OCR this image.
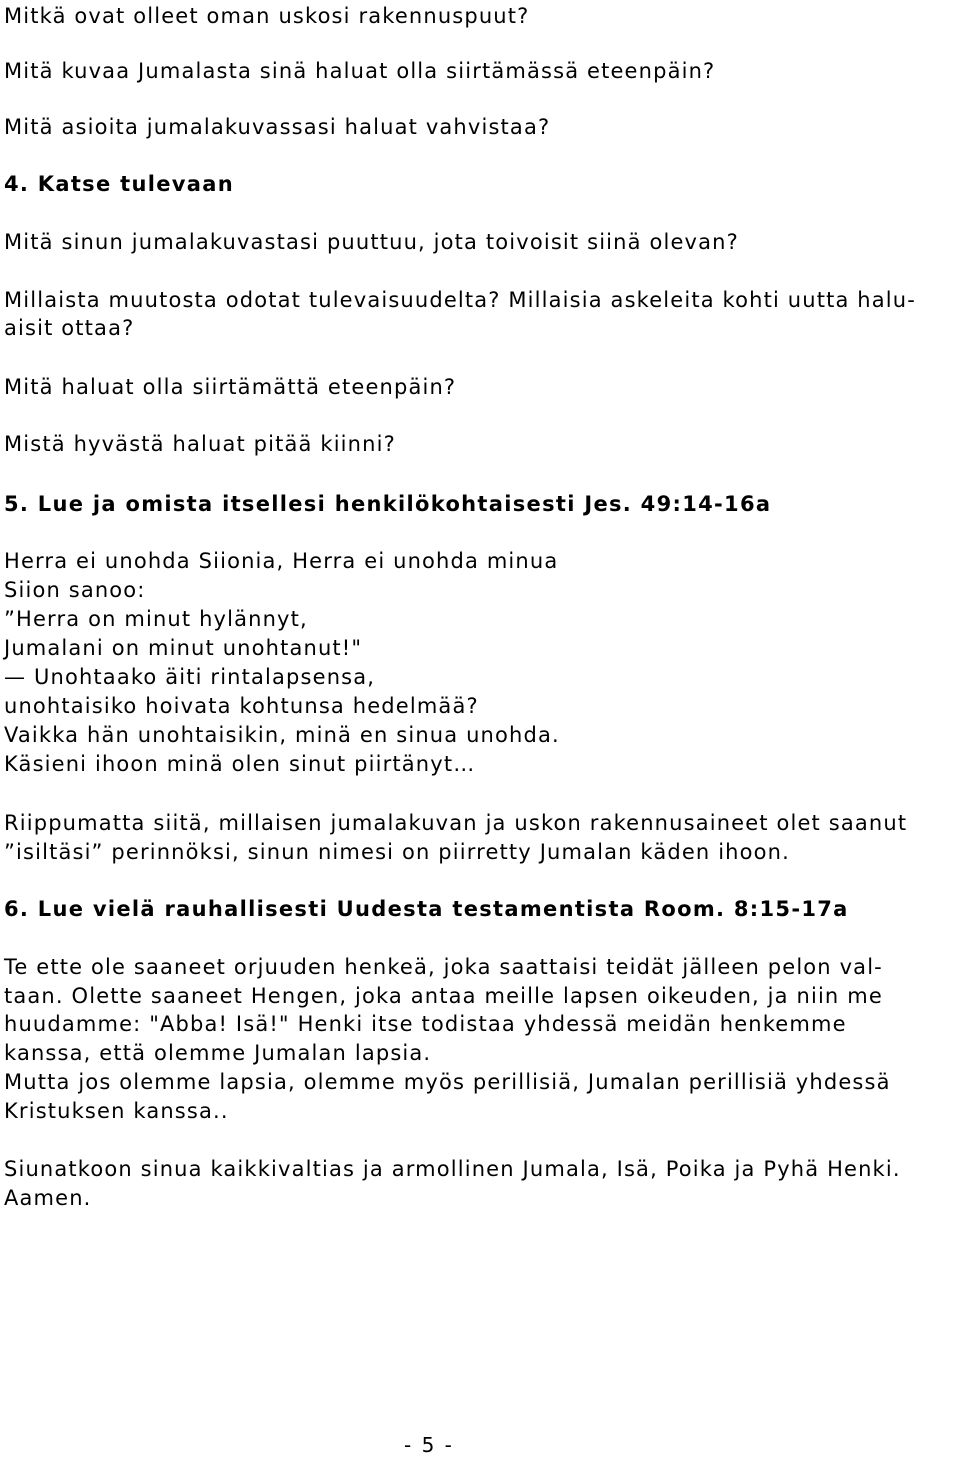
Mitkä ovat olleet oman uskosi rakennuspuut?
Mitä kuvaa Jumalasta sinä haluat olla siirtämässä eteenpäin?
Mitä asioita jumalakuvassasi haluat vahvistaa?
4. Katse tulevaan
Mitä sinun jumalakuvastasi puuttuu, jota toivoisit siinä olevan?
Millaista muutosta odotat tulevaisuudelta? Millaisia askeleita kohti uutta halu-
aisit ottaa?
Mitä haluat olla siirtämättä eteenpäin?
Mistä hyvästä haluat pitää kiinni?
5. Lue ja omista itsellesi henkilökohtaisesti Jes. 49:14-16a
Herra ei unohda Siionia, Herra ei unohda minua
Siion sanoo:
”Herra on minut hylännyt,
Jumalani on minut unohtanut!"
— Unohtaako äiti rintalapsensa,
unohtaisiko hoivata kohtunsa hedelmää?
Vaikka hän unohtaisikin, minä en sinua unohda.
Käsieni ihoon minä olen sinut piirtänyt…
Riippumatta siitä, millaisen jumalakuvan ja uskon rakennusaineet olet saanut
”isiltäsi” perinnöksi, sinun nimesi on piirretty Jumalan käden ihoon.
6. Lue vielä rauhallisesti Uudesta testamentista Room. 8:15-17a
Te ette ole saaneet orjuuden henkeä, joka saattaisi teidät jälleen pelon val-
taan. Olette saaneet Hengen, joka antaa meille lapsen oikeuden, ja niin me
huudamme: "Abba! Isä!" Henki itse todistaa yhdessä meidän henkemme
kanssa, että olemme Jumalan lapsia.
Mutta jos olemme lapsia, olemme myös perillisiä, Jumalan perillisiä yhdessä
Kristuksen kanssa..
Siunatkoon sinua kaikkivaltias ja armollinen Jumala, Isä, Poika ja Pyhä Henki.
Aamen.
- 5 -
